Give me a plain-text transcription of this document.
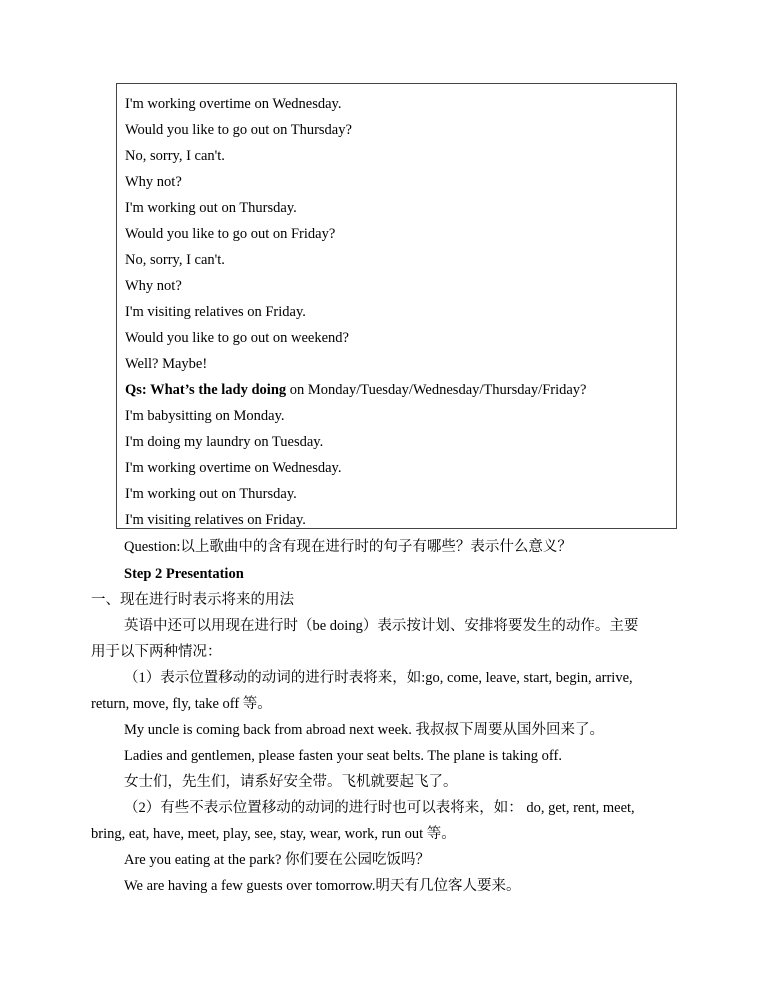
I'm working overtime on Wednesday.
Would you like to go out on Thursday?
No, sorry, I can't.
Why not?
I'm working out on Thursday.
Would you like to go out on Friday?
No, sorry, I can't.
Why not?
I'm visiting relatives on Friday.
Would you like to go out on weekend?
Well? Maybe!
Qs: What’s the lady doing on Monday/Tuesday/Wednesday/Thursday/Friday?
I'm babysitting on Monday.
I'm doing my laundry on Tuesday.
I'm working overtime on Wednesday.
I'm working out on Thursday.
I'm visiting relatives on Friday.
Question:以上歌曲中的含有现在进行时的句子有哪些？表示什么意义？
Step 2 Presentation
一、现在进行时表示将来的用法
英语中还可以用现在进行时（be doing）表示按计划、安排将要发生的动作。主要
用于以下两种情况：
（1）表示位置移动的动词的进行时表将来，如:go, come, leave, start, begin, arrive,
return, move, fly, take off 等。
My uncle is coming back from abroad next week. 我叔叔下周要从国外回来了。
Ladies and gentlemen, please fasten your seat belts. The plane is taking off.
女士们，先生们，请系好安全带。飞机就要起飞了。
（2）有些不表示位置移动的动词的进行时也可以表将来，如： do, get, rent, meet,
bring, eat, have, meet, play, see, stay, wear, work, run out 等。
Are you eating at the park? 你们要在公园吃饭吗？
We are having a few guests over tomorrow.明天有几位客人要来。
